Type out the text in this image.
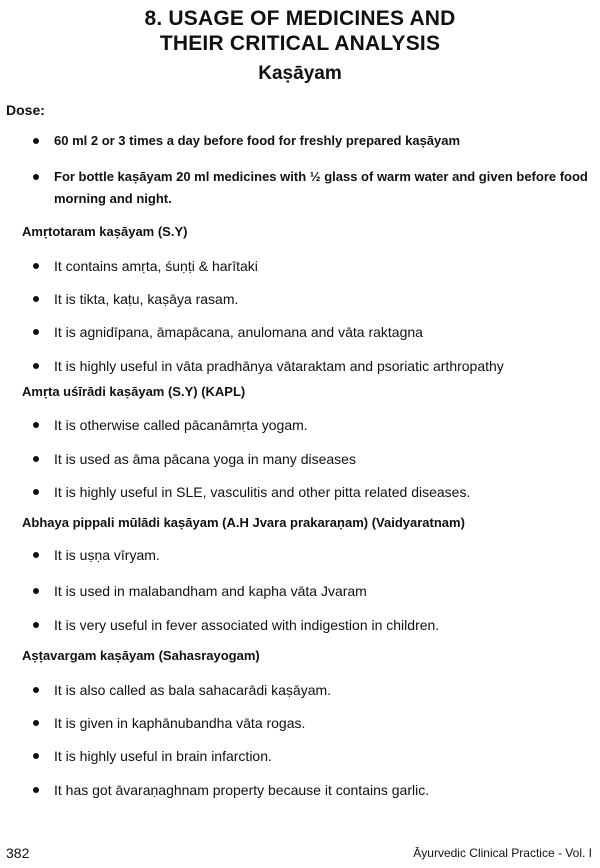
8. USAGE OF MEDICINES AND
THEIR CRITICAL ANALYSIS
Kaṣāyam
Dose:
60 ml 2 or 3 times a day before food for freshly prepared kaṣāyam
For bottle kaṣāyam 20 ml medicines with ½ glass of warm water and given before food morning and night.
Amṛtotaram kaṣāyam (S.Y)
It contains amṛta, śuṇṭi & harītaki
It is tikta, kaṭu, kaṣāya rasam.
It is agnidīpana, āmapācana, anulomana and vāta raktagna
It is highly useful in vāta pradhānya vātaraktam and psoriatic arthropathy
Amṛta uśīrādi kaṣāyam (S.Y) (KAPL)
It is otherwise called pācanāmṛta yogam.
It is used as āma pācana yoga in many diseases
It is highly useful in SLE, vasculitis and other pitta related diseases.
Abhaya pippali mūlādi kaṣāyam (A.H Jvara prakaraṇam) (Vaidyaratnam)
It is uṣṇa vīryam.
It is used in malabandham and kapha vāta Jvaram
It is very useful in fever associated with indigestion in children.
Aṣṭavargam kaṣāyam (Sahasrayogam)
It is also called as bala sahacarādi kaṣāyam.
It is given in kaphānubandha vāta rogas.
It is highly useful in brain infarction.
It has got āvaraṇaghnam property because it contains garlic.
382	Āyurvedic Clinical Practice - Vol. I
